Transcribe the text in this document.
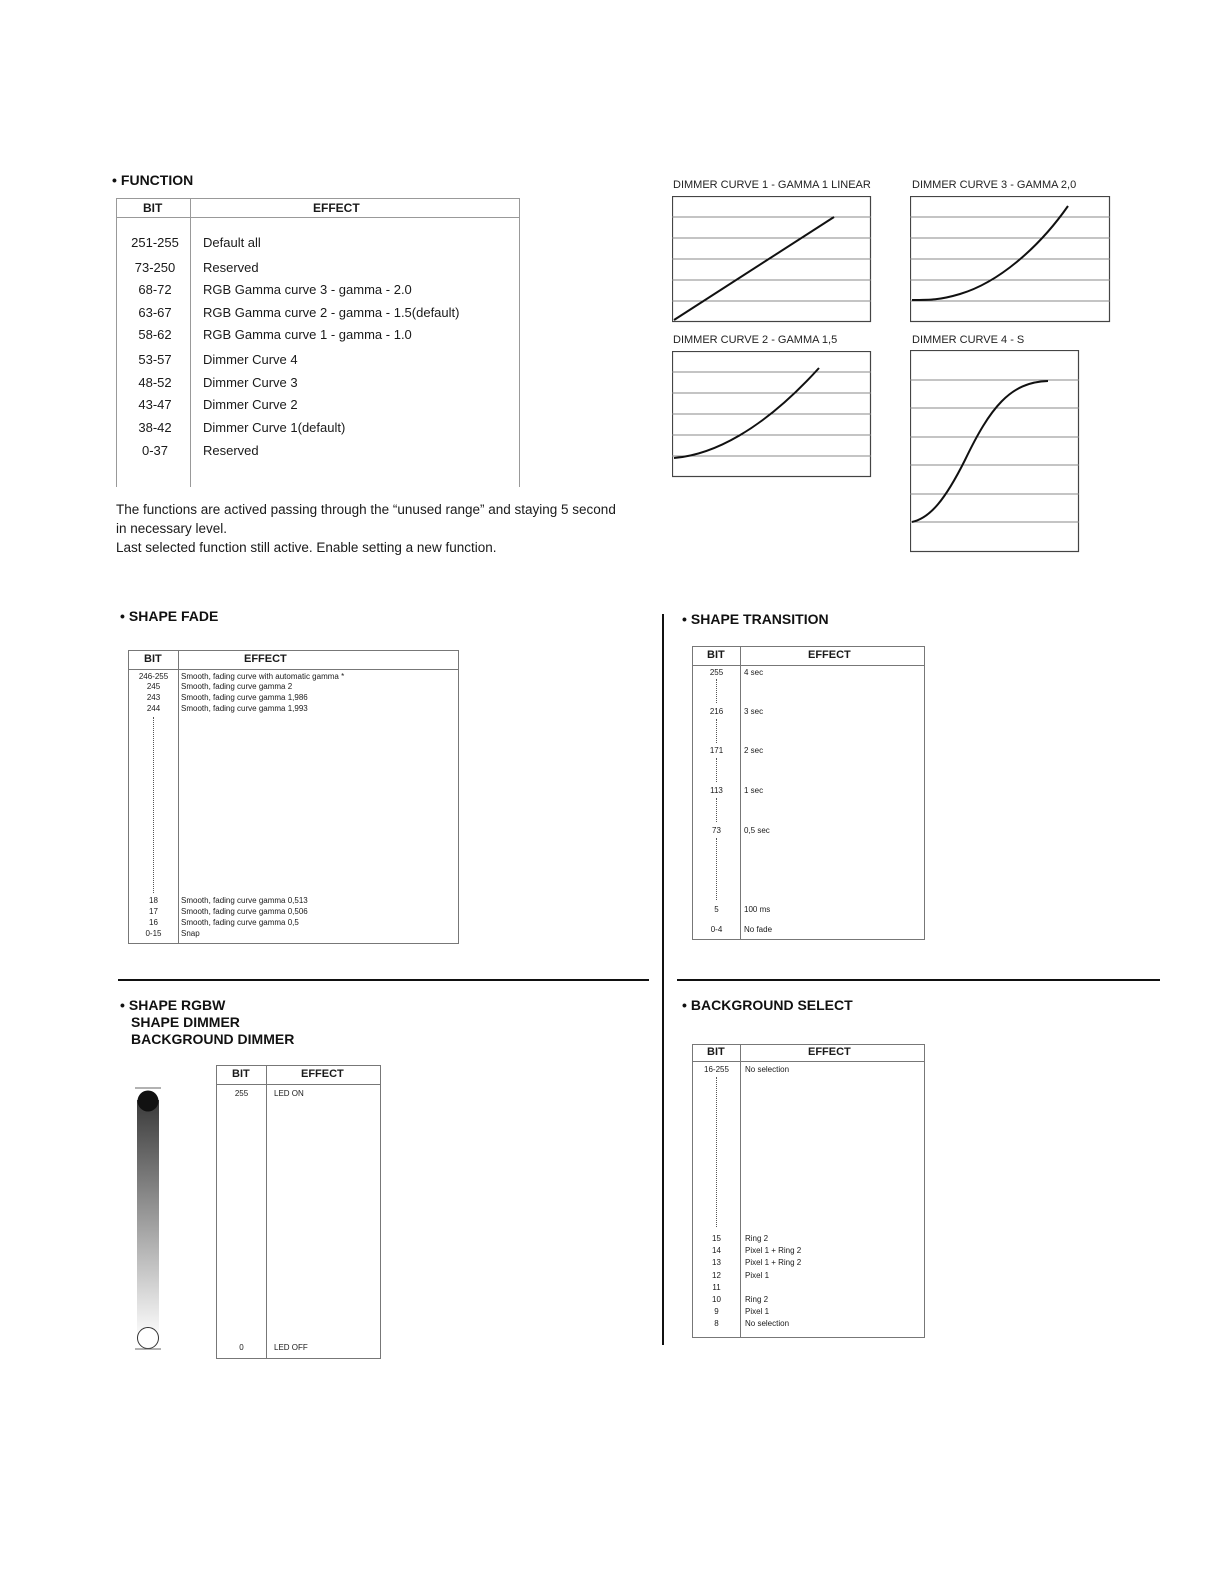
• FUNCTION
BIT	EFFECT
251-255	Default all
73-250	Reserved
68-72	RGB Gamma curve 3 - gamma - 2.0
63-67	RGB Gamma curve 2 - gamma - 1.5(default)
58-62	RGB Gamma curve 1 - gamma - 1.0
53-57	Dimmer Curve 4
48-52	Dimmer Curve 3
43-47	Dimmer Curve 2
38-42	Dimmer Curve 1(default)
0-37	Reserved
The functions are actived passing through the “unused range” and staying 5 second
in necessary level.
Last selected function still active. Enable setting a new function.
DIMMER CURVE 1 - GAMMA 1 LINEAR	DIMMER CURVE 3 - GAMMA 2,0
DIMMER CURVE 2 - GAMMA 1,5	DIMMER CURVE 4 - S
• SHAPE FADE
BIT	EFFECT
246-255	Smooth, fading curve with automatic gamma *
245	Smooth, fading curve gamma 2
243	Smooth, fading curve gamma 1,986
244	Smooth, fading curve gamma 1,993
18	Smooth, fading curve gamma 0,513
17	Smooth, fading curve gamma 0,506
16	Smooth, fading curve gamma 0,5
0-15	Snap
• SHAPE TRANSITION
BIT	EFFECT
255	4 sec
216	3 sec
171	2 sec
113	1 sec
73	0,5 sec
5	100 ms
0-4	No fade
• SHAPE RGBW
SHAPE DIMMER
BACKGROUND DIMMER
BIT	EFFECT
255	LED ON
0	LED OFF
• BACKGROUND SELECT
BIT	EFFECT
16-255	No selection
15	Ring 2
14	Pixel 1 + Ring 2
13	Pixel 1 + Ring 2
12	Pixel 1
11
10	Ring 2
9	Pixel 1
8	No selection
